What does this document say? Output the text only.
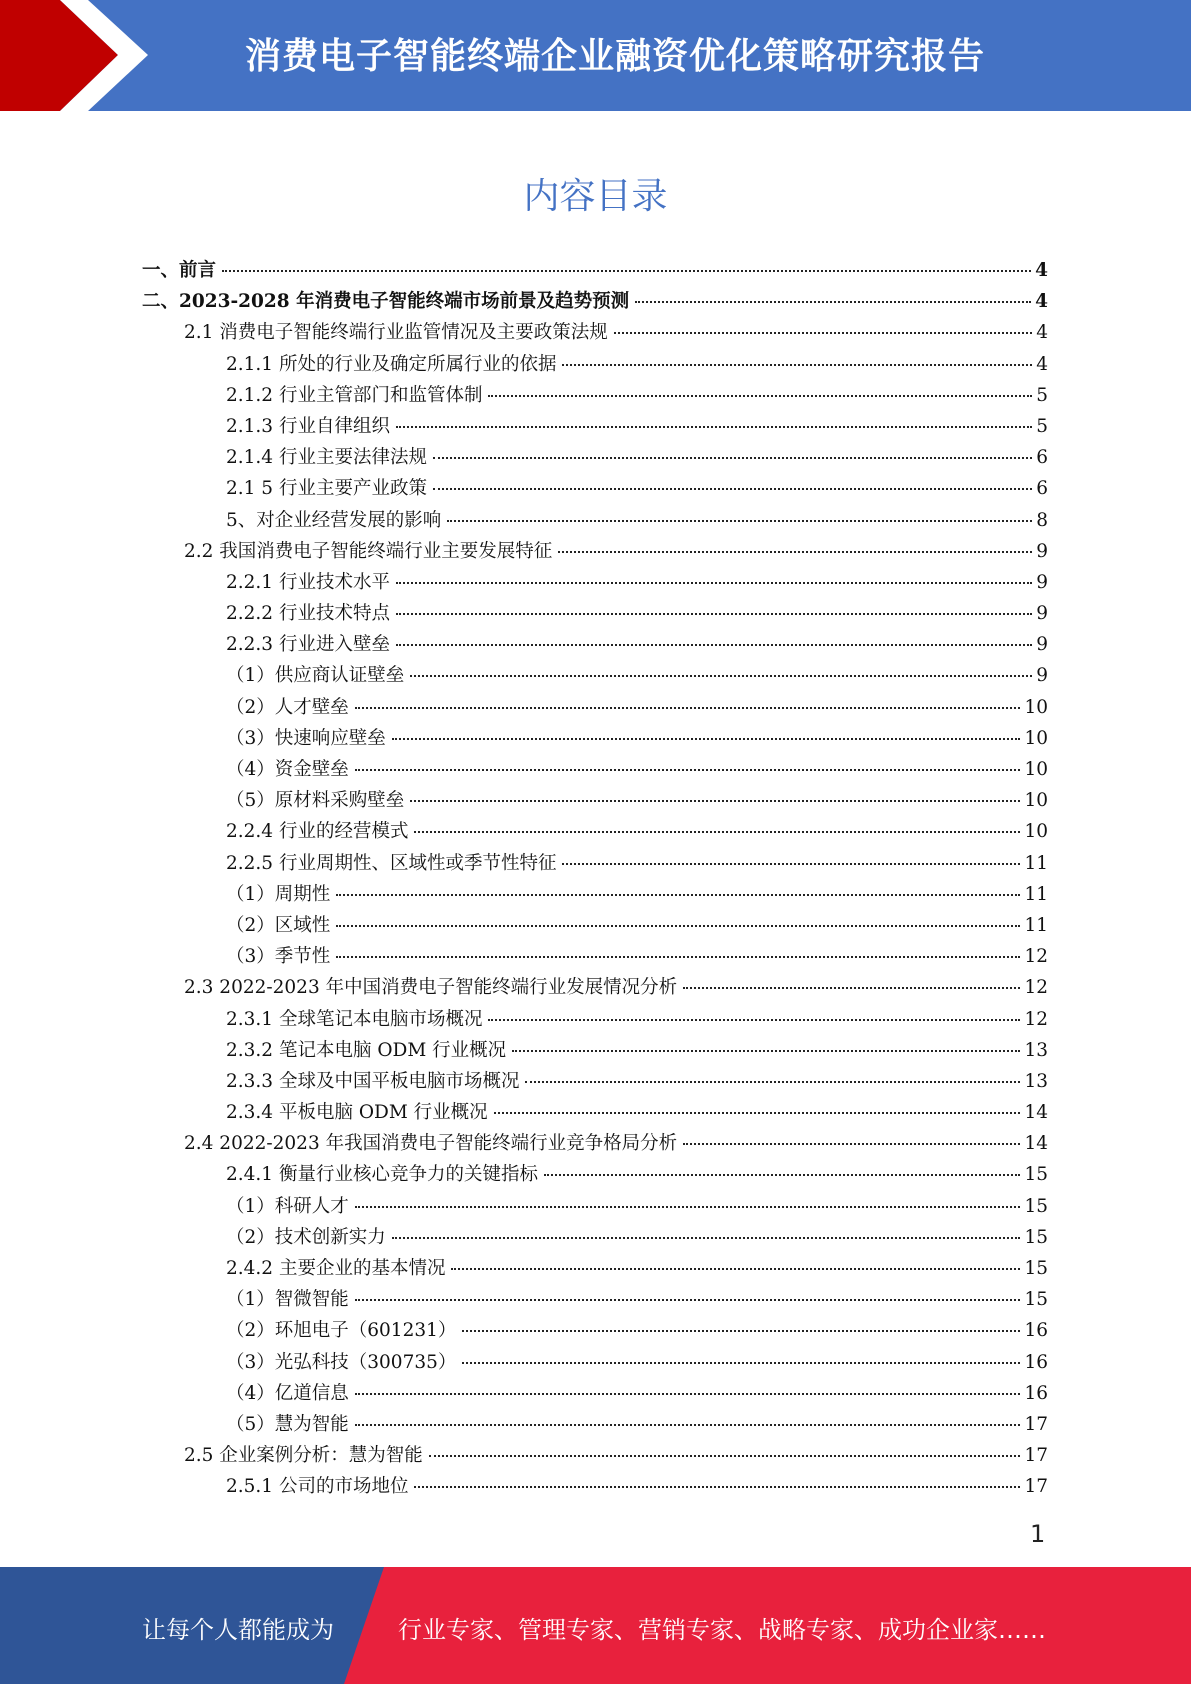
消费电子智能终端企业融资优化策略研究报告
内容目录
一、前言	4
二、2023-2028 年消费电子智能终端市场前景及趋势预测	4
2.1 消费电子智能终端行业监管情况及主要政策法规	4
2.1.1 所处的行业及确定所属行业的依据	4
2.1.2 行业主管部门和监管体制	5
2.1.3 行业自律组织	5
2.1.4 行业主要法律法规	6
2.1 5 行业主要产业政策	6
5、对企业经营发展的影响	8
2.2 我国消费电子智能终端行业主要发展特征	9
2.2.1 行业技术水平	9
2.2.2 行业技术特点	9
2.2.3 行业进入壁垒	9
（1）供应商认证壁垒	9
（2）人才壁垒	10
（3）快速响应壁垒	10
（4）资金壁垒	10
（5）原材料采购壁垒	10
2.2.4 行业的经营模式	10
2.2.5 行业周期性、区域性或季节性特征	11
（1）周期性	11
（2）区域性	11
（3）季节性	12
2.3 2022-2023 年中国消费电子智能终端行业发展情况分析	12
2.3.1 全球笔记本电脑市场概况	12
2.3.2 笔记本电脑 ODM 行业概况	13
2.3.3 全球及中国平板电脑市场概况	13
2.3.4 平板电脑 ODM 行业概况	14
2.4 2022-2023 年我国消费电子智能终端行业竞争格局分析	14
2.4.1 衡量行业核心竞争力的关键指标	15
（1）科研人才	15
（2）技术创新实力	15
2.4.2 主要企业的基本情况	15
（1）智微智能	15
（2）环旭电子（601231）	16
（3）光弘科技（300735）	16
（4）亿道信息	16
（5）慧为智能	17
2.5 企业案例分析：慧为智能	17
2.5.1 公司的市场地位	17
1
让每个人都能成为	行业专家、管理专家、营销专家、战略专家、成功企业家……
